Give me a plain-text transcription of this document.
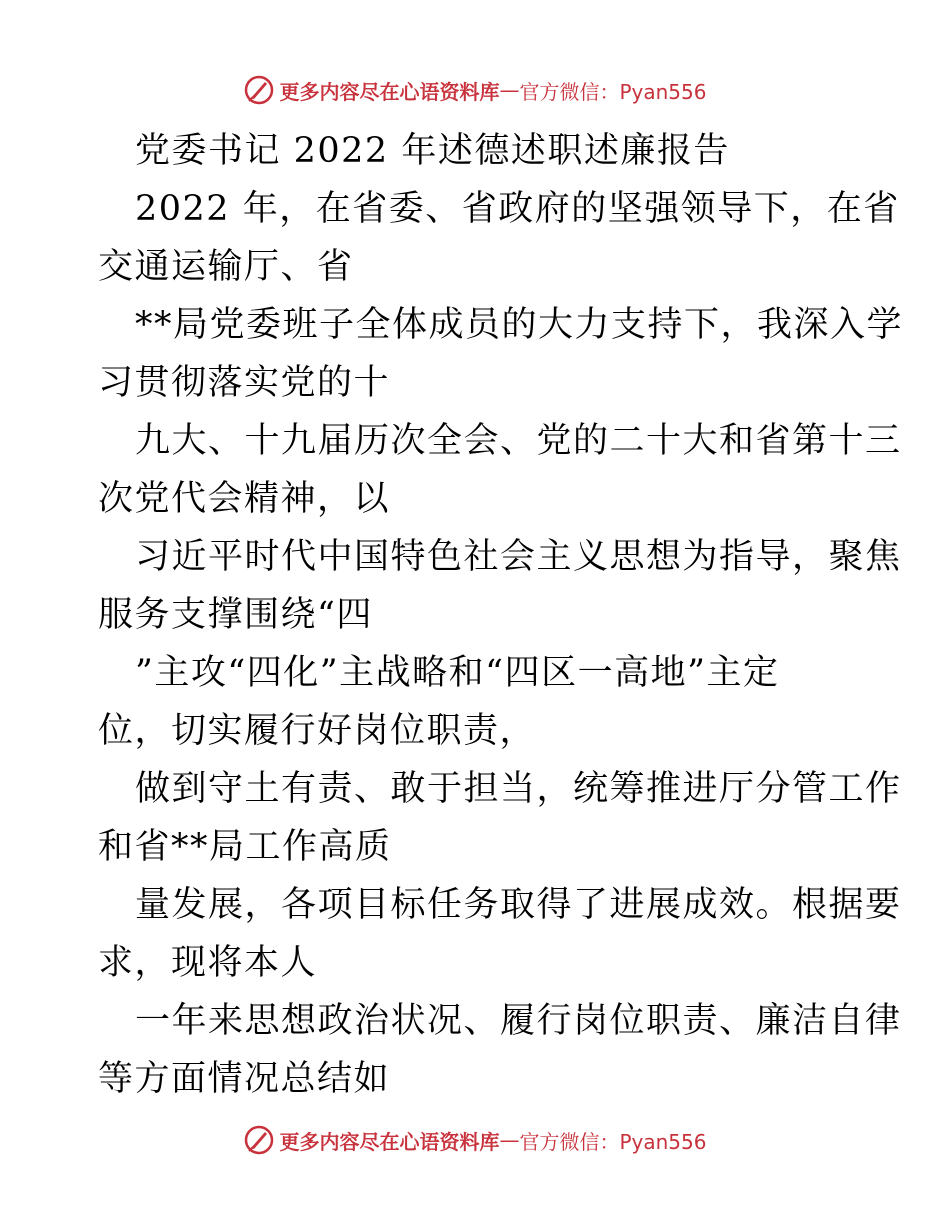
更多内容尽在心语资料库 — 官方微信：Pyan556
党委书记 2022 年述德述职述廉报告
2022 年，在省委、省政府的坚强领导下，在省
交通运输厅、省
**局党委班子全体成员的大力支持下，我深入学
习贯彻落实党的十
九大、十九届历次全会、党的二十大和省第十三
次党代会精神，以
习近平时代中国特色社会主义思想为指导，聚焦
服务支撑围绕“四
”主攻“四化”主战略和“四区一高地”主定
位，切实履行好岗位职责，
做到守土有责、敢于担当，统筹推进厅分管工作
和省**局工作高质
量发展，各项目标任务取得了进展成效。根据要
求，现将本人
一年来思想政治状况、履行岗位职责、廉洁自律
等方面情况总结如
更多内容尽在心语资料库 — 官方微信：Pyan556
